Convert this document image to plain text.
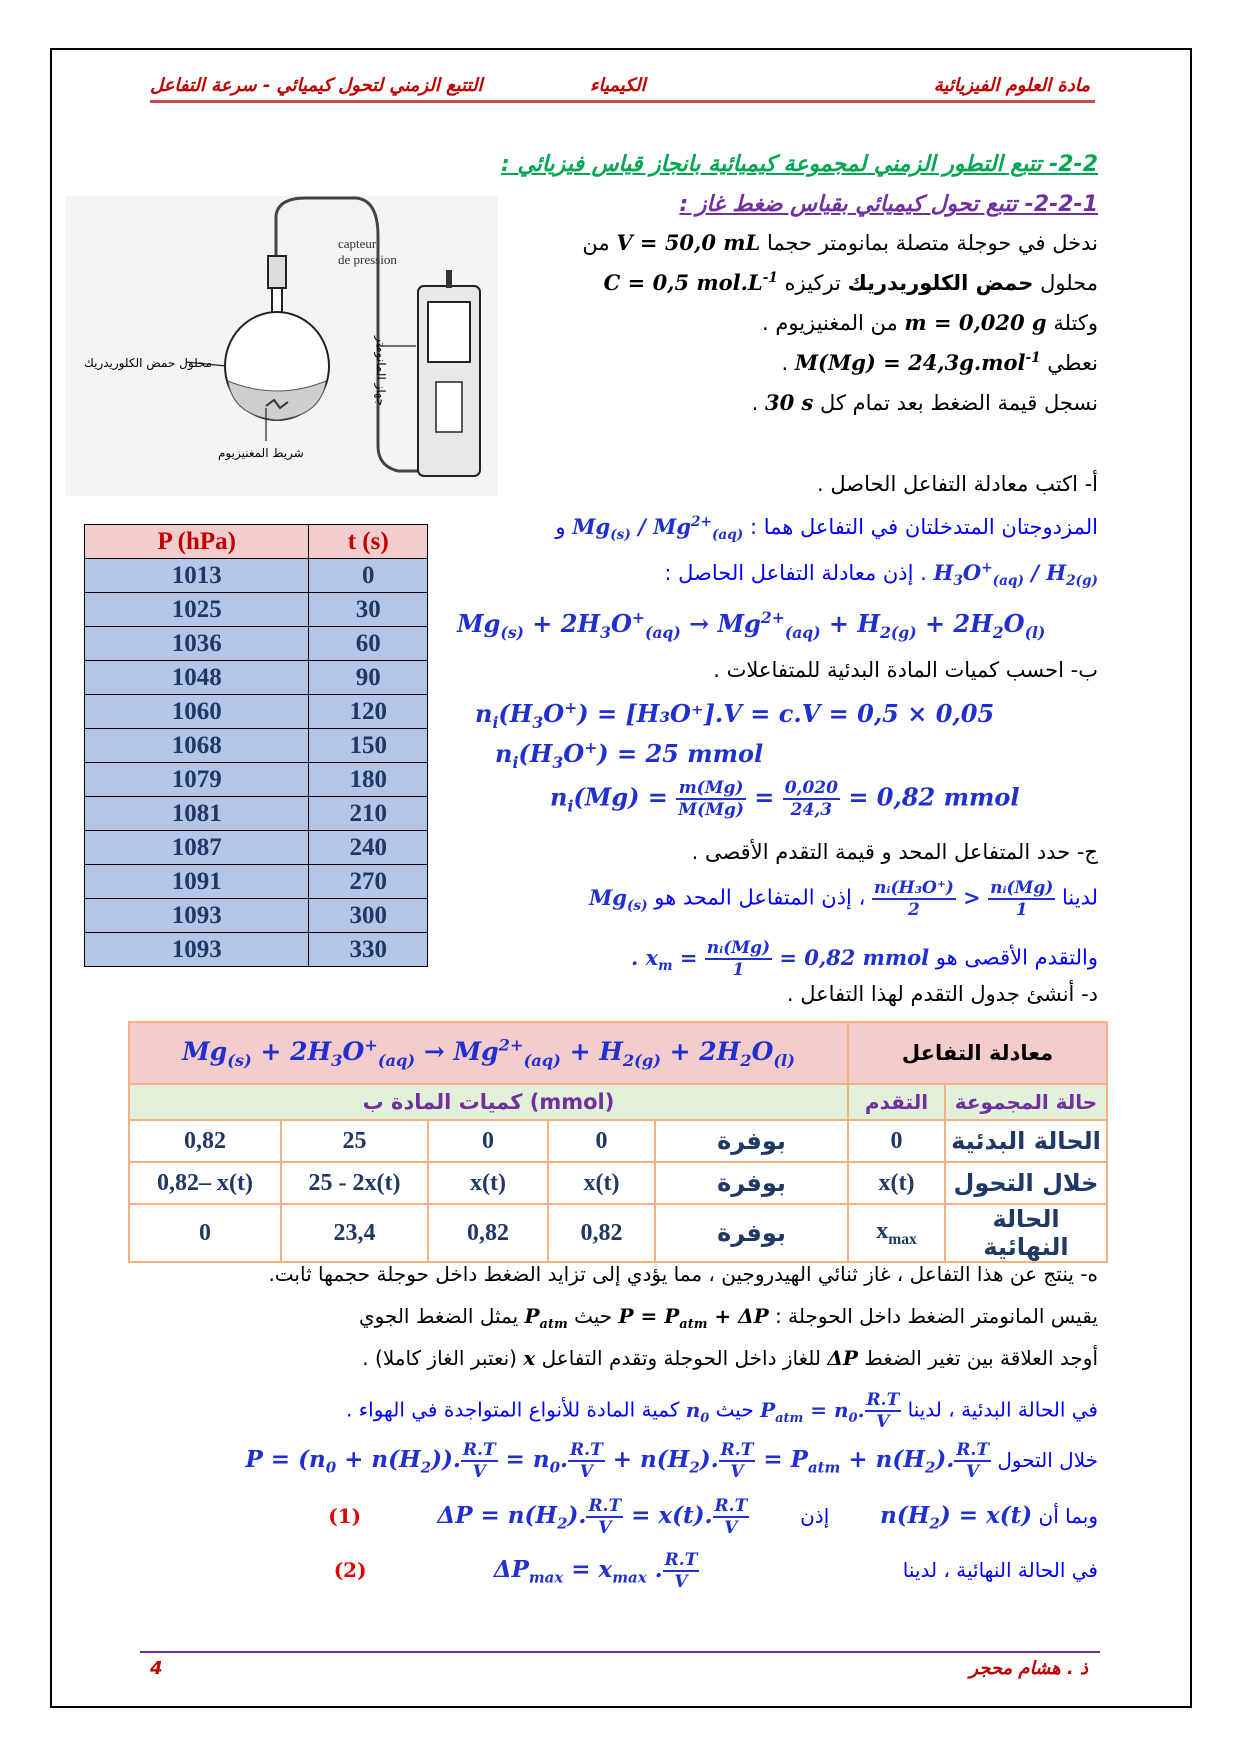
مادة العلوم الفيزيائية
الكيمياء
التتبع الزمني لتحول كيميائي - سرعة التفاعل
2-2- تتبع التطور الزمني لمجموعة كيميائية بانجاز قياس فيزيائي :
2-2-1- تتبع تحول كيميائي بقياس ضغط غاز :
capteur
de pression
جهاز المانومتر
محلول حمض الكلوريدريك
شريط المغنيزيوم
ندخل في حوجلة متصلة بمانومتر حجما V = 50,0 mL من
محلول حمض الكلوريدريك تركيزه C = 0,5 $mol.L^{-1}$
وكتلة m = 0,020 g من المغنيزيوم .
نعطي M(Mg) = 24,3g.mol$^{-1}$ .
نسجل قيمة الضغط بعد تمام كل 30 s .
أ- اكتب معادلة التفاعل الحاصل .
المزدوجتان المتدخلتان في التفاعل هما : $Mg_{(s)} / Mg^{2+}_{(aq)}$ و
$H_3O^+_{(aq)} / H_{2(g)}$ . إذن معادلة التفاعل الحاصل :
$Mg_{(s)} + 2H_3O^+_{(aq)} \to Mg^{2+}_{(aq)} + H_{2(g)} + 2H_2O_{(l)}$
ب- احسب كميات المادة البدئية للمتفاعلات .
$n_i(H_3O^+) = [H_3O^+].V = c.V = 0,5 \times 0,05$
$n_i(H_3O^+) = 25$ mmol
$n_i(Mg) = \frac{m(Mg)}{M(Mg)} = \frac{0,020}{24,3} = 0,82$ mmol
ج- حدد المتفاعل المحد و قيمة التقدم الأقصى .
لدينا
$\frac{\text{nᵢ(H₃O⁺)}}{2} > \frac{\text{nᵢ(Mg)}}{1}$
، إذن المتفاعل المحد هو $Mg_{(s)}$
والتقدم الأقصى هو . $x_m = \frac{\text{nᵢ(Mg)}}{1} = 0,82$ mmol
د- أنشئ جدول التقدم لهذا التفاعل .
P (hPa)	t (s)
1013	0
1025	30
1036	60
1048	90
1060	120
1068	150
1079	180
1081	210
1087	240
1091	270
1093	300
1093	330
$Mg_{(s)} + 2H_3O^+_{(aq)} \to Mg^{2+}_{(aq)} + H_{2(g)} + 2H_2O_{(l)}$					معادلة التفاعل	
كميات المادة ب (mmol)					التقدم	حالة المجموعة
0,82	25	0	0	بوفرة	0	الحالة البدئية
0,82– x(t)	25 - 2x(t)	x(t)	x(t)	بوفرة	x(t)	خلال التحول
0	23,4	0,82	0,82	بوفرة	$x_{max}$	الحالة النهائية
ه- ينتج عن هذا التفاعل ، غاز ثنائي الهيدروجين ، مما يؤدي إلى تزايد الضغط داخل حوجلة حجمها ثابت.
يقيس المانومتر الضغط داخل الحوجلة : $P = P_{atm} + \Delta P$ حيث $P_{atm}$ يمثل الضغط الجوي
أوجد العلاقة بين تغير الضغط ΔP للغاز داخل الحوجلة وتقدم التفاعل x (نعتبر الغاز كاملا) .
في الحالة البدئية ، لدينا $P_{atm} = n_0$. $\frac{R.T}{V}$
حيث $n_0$ كمية المادة للأنواع المتواجدة في الهواء .
خلال التحول $P = (n_0 + n(H_2))$. $\frac{R.T}{V} = n_0$. $\frac{R.T}{V} + n(H_2)$. $\frac{R.T}{V} = P_{atm} + n(H_2)$. $\frac{R.T}{V}$
وبما أن $n(H_2) = x(t)$        إذن        $\Delta P = n(H_2)$. $\frac{R.T}{V} = x(t)$. $\frac{R.T}{V}$
(1)
في الحالة النهائية ، لدينا                                $\Delta P_{max} = x_{max}$ . $\frac{R.T}{V}$
(2)
ذ . هشام محجر
4
